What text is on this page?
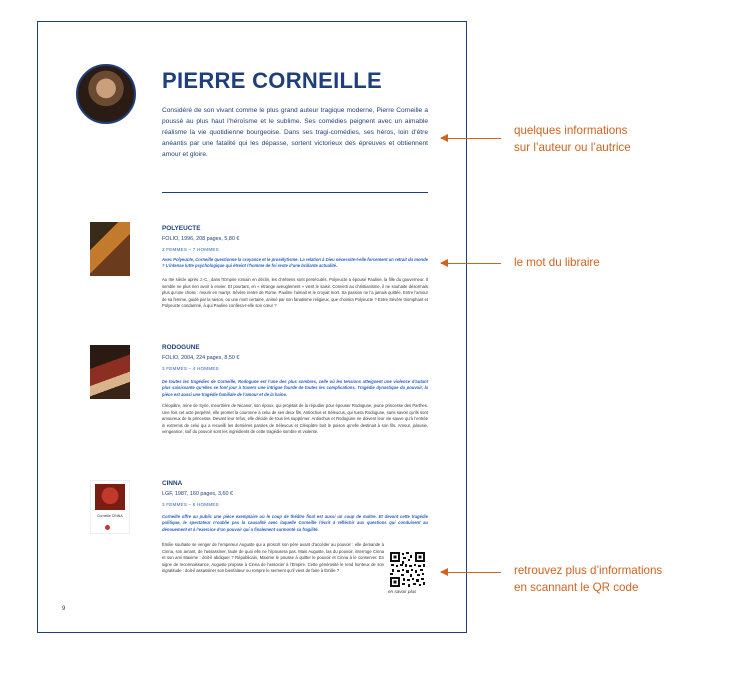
PIERRE CORNEILLE

Considéré de son vivant comme le plus grand auteur tragique moderne, Pierre Corneille a poussé au plus haut l’héroïsme et le sublime. Ses comédies peignent avec un aimable réalisme la vie quotidienne bourgeoise. Dans ses tragi-comédies, ses héros, loin d’être anéantis par une fatalité qui les dépasse, sortent victorieux des épreuves et obtiennent amour et gloire.

POLYEUCTE

FOLIO, 1996, 208 pages, 5,80 €

2 FEMMES – 7 HOMMES

Avec Polyeucte, Corneille questionne la croyance et le prosélytisme. La relation à Dieu nécessite-t-elle forcement un retrait du monde ? L’intense lutte psychologique qui étreint l’homme de foi reste d’une brûlante actualité.

Au IIIe siècle après J.-C., dans l’Empire romain en déclin, les chrétiens sont persécutés. Polyeucte a épousé Pauline, la fille du gouverneur. Il semble ne plus rien avoir à envier. Et pourtant, en « étrange aveuglement » vient le saisir. Converti au christianisme, il ne souhaite désormais plus qu’une chose : mourir en martyr. Sévère rentre de Rome. Pauline l’aimait et le croyait mort. Sa passion ne l’a jamais quittée. Entre l’amour de sa femme, guidé par la raison, ou une mort certaine, animé par son fanatisme religieux, que choisira Polyeucte ? Entre Sévère triomphant et Polyeucte condamné, à qui Pauline confiera-t-elle son cœur ?

RODOGUNE

FOLIO, 2004, 224 pages, 8,50 €

3 FEMMES – 4 HOMMES

De toutes les tragédies de Corneille, Rodogune est l’une des plus sombres, celle où les tensions atteignent une violence d’autant plus saisissante qu’elles se font jour à travers une intrigue fourde de toutes les complications. Tragédie dynastique du pouvoir, la pièce est aussi une tragédie familiale de l’amour et de la haine.

Cléopâtre, reine de Syrie, meurtrière de Nicanor, son époux, qui projetait de la répudier pour épouser Rodogune, jeune princesse des Parthes. Une fois cet acte perpétré, elle promet la couronne à celui de ses deux fils, Antiochus et Séleucus, qui tuera Rodogune, sans savoir qu’ils sont amoureux de la princesse. Devant leur refus, elle décide de tous les supprimer. Antiochus et Rodogune ne doivent leur vie sauve qu’à l’entrée in extremis de celui qui a recueilli les dernières paroles de Séleucus et Cléopâtre boit le poison qu’elle destinait à son fils. Amour, jalousie, vengeance, soif du pouvoir sont les ingrédients de cette tragédie sombre et violente.

Corneille CINNA
CINNA

LGF, 1987, 160 pages, 3,60 €

3 FEMMES – 6 HOMMES

Corneille offre au public une pièce exemplaire où le coup de théâtre final est aussi un coup de maître. Et devant cette tragédie politique, le spectateur n’oublie pas la causalité avec laquelle Corneille l’écrit à réfléchir aux questions qui conduisent au dénouement et à l’exercice d’un pouvoir qui a finalement surmonté sa fragilité.

Émilie souhaite se venger de l’empereur Auguste qui a proscrit son père avant d’accéder au pouvoir : elle demande à Cinna, son amant, de l’assassiner, faute de quoi elle ne l’épousera pas. Mais Auguste, las du pouvoir, interroge Cinna et son ami Maxime : doit-il abdiquer ? Républicain, Maxime le pousse à quitter le pouvoir et Cinna à le conserver. En signe de reconnaissance, Auguste propose à Cinna de l’associer à l’Empire. Cette générosité le rend honteux de son ingratitude : doit-il assassiner son bienfaiteur ou rompre le serment qu’il vient de faire à Émilie ?

en savoir plus

9

quelques informations
sur l’auteur ou l’autrice

le mot du libraire

retrouvez plus d’informations
en scannant le QR code
